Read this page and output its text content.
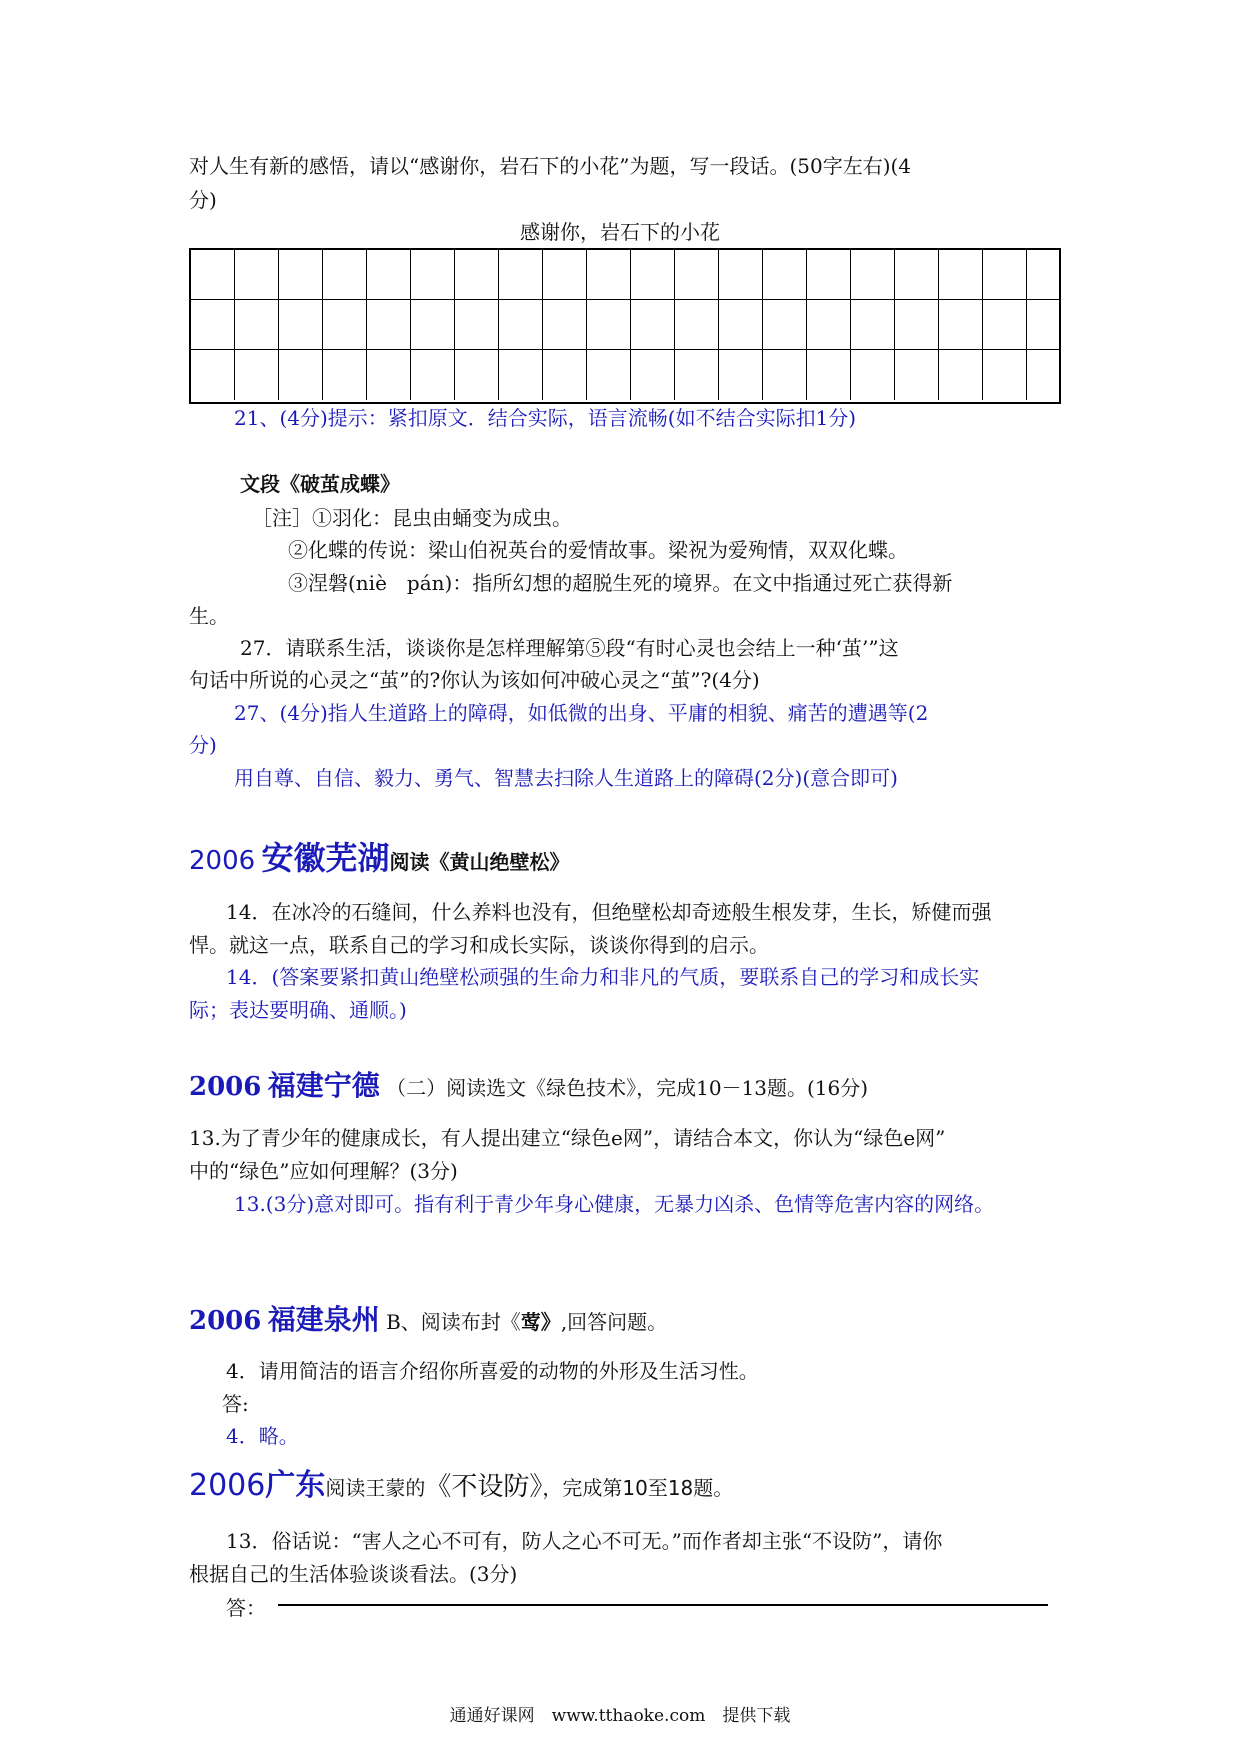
对人生有新的感悟，请以“感谢你，岩石下的小花”为题，写一段话。(50字左右)(4
分)
感谢你，岩石下的小花
21、(4分)提示：紧扣原文．结合实际，语言流畅(如不结合实际扣1分)
文段《破茧成蝶》
［注］①羽化：昆虫由蛹变为成虫。
②化蝶的传说：梁山伯祝英台的爱情故事。梁祝为爱殉情，双双化蝶。
③涅磐(niè　pán)：指所幻想的超脱生死的境界。在文中指通过死亡获得新
生。
27．请联系生活，谈谈你是怎样理解第⑤段“有时心灵也会结上一种‘茧’”这
句话中所说的心灵之“茧”的?你认为该如何冲破心灵之“茧”?(4分)
27、(4分)指人生道路上的障碍，如低微的出身、平庸的相貌、痛苦的遭遇等(2
分)
用自尊、自信、毅力、勇气、智慧去扫除人生道路上的障碍(2分)(意合即可)
2006 安徽芜湖阅读《黄山绝壁松》
14．在冰冷的石缝间，什么养料也没有，但绝壁松却奇迹般生根发芽，生长，矫健而强
悍。就这一点，联系自己的学习和成长实际，谈谈你得到的启示。
14．(答案要紧扣黄山绝壁松顽强的生命力和非凡的气质，要联系自己的学习和成长实
际；表达要明确、通顺。)
2006 福建宁德 （二）阅读选文《绿色技术》，完成10－13题。(16分)
13.为了青少年的健康成长，有人提出建立“绿色e网”，请结合本文，你认为“绿色e网”
中的“绿色”应如何理解？(3分)
13.(3分)意对即可。指有利于青少年身心健康，无暴力凶杀、色情等危害内容的网络。
2006 福建泉州 B、阅读布封《莺》,回答问题。
4．请用简洁的语言介绍你所喜爱的动物的外形及生活习性。
答:
4．略。
2006广东阅读王蒙的《不设防》，完成第10至18题。
13．俗话说：“害人之心不可有，防人之心不可无。”而作者却主张“不设防”，请你
根据自己的生活体验谈谈看法。(3分)
答：
通通好课网　www.tthaoke.com　提供下载
